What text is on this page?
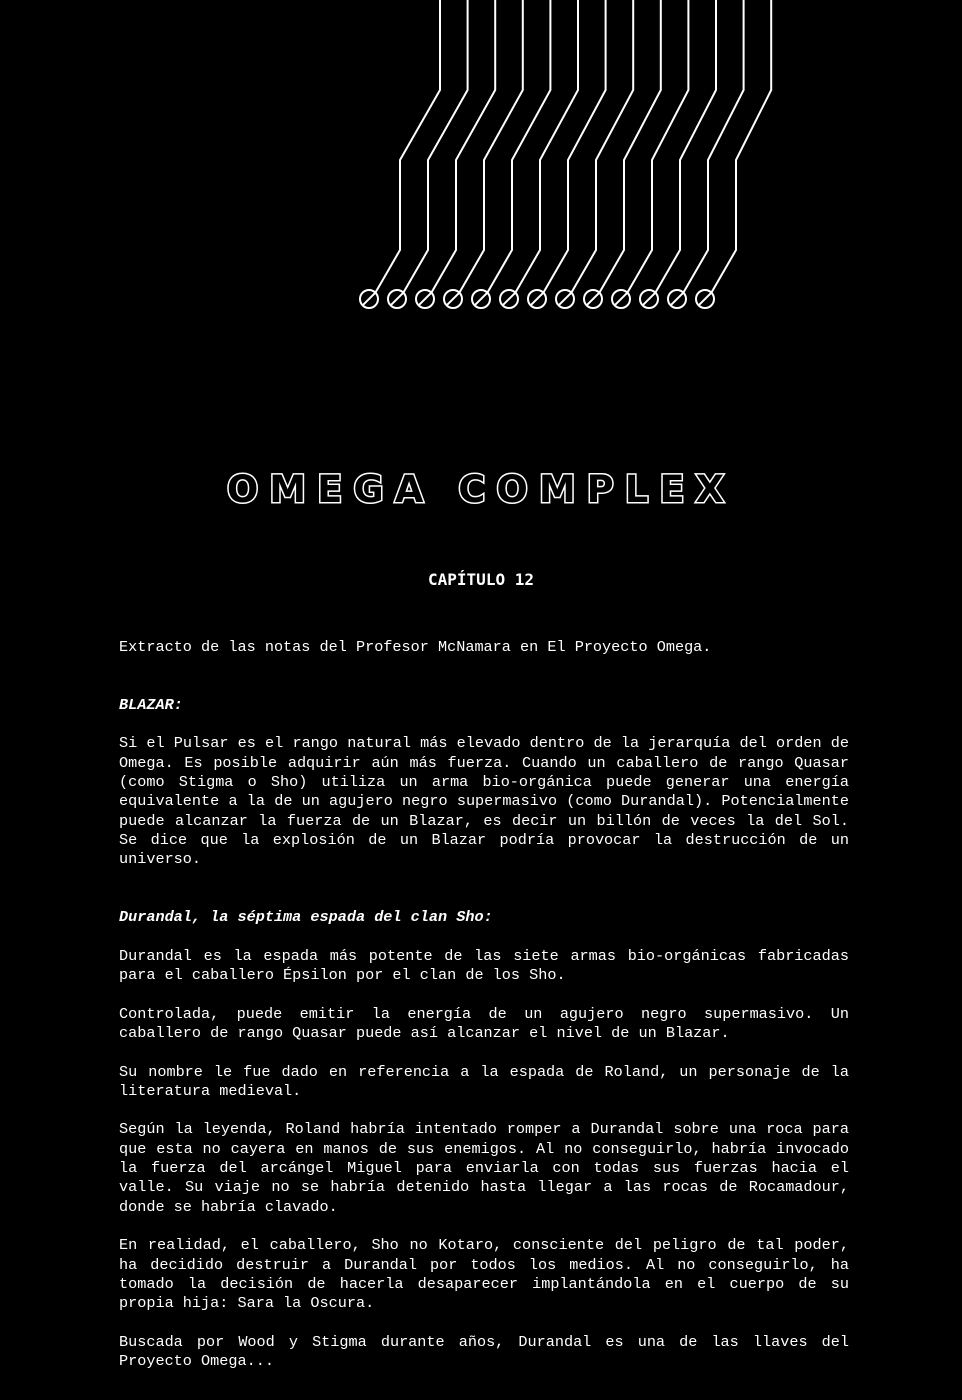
OMEGA COMPLEX
CAPÍTULO 12

Extracto de las notas del Profesor McNamara en El Proyecto Omega.

BLAZAR:

Si el Pulsar es el rango natural más elevado dentro de la jerarquía del orden de Omega. Es posible adquirir aún más fuerza. Cuando un caballero de rango Quasar (como Stigma o Sho) utiliza un arma bio-orgánica puede generar una energía equivalente a la de un agujero negro supermasivo (como Durandal). Potencialmente puede alcanzar la fuerza de un Blazar, es decir un billón de veces la del Sol. Se dice que la explosión de un Blazar podría provocar la destrucción de un universo.

Durandal, la séptima espada del clan Sho:

Durandal es la espada más potente de las siete armas bio-orgánicas fabricadas para el caballero Épsilon por el clan de los Sho.

Controlada, puede emitir la energía de un agujero negro supermasivo. Un caballero de rango Quasar puede así alcanzar el nivel de un Blazar.

Su nombre le fue dado en referencia a la espada de Roland, un personaje de la literatura medieval.

Según la leyenda, Roland habría intentado romper a Durandal sobre una roca para que esta no cayera en manos de sus enemigos. Al no conseguirlo, habría invocado la fuerza del arcángel Miguel para enviarla con todas sus fuerzas hacia el valle. Su viaje no se habría detenido hasta llegar a las rocas de Rocamadour, donde se habría clavado.

En realidad, el caballero, Sho no Kotaro, consciente del peligro de tal poder, ha decidido destruir a Durandal por todos los medios. Al no conseguirlo, ha tomado la decisión de hacerla desaparecer implantándola en el cuerpo de su propia hija: Sara la Oscura.

Buscada por Wood y Stigma durante años, Durandal es una de las llaves del Proyecto Omega...
